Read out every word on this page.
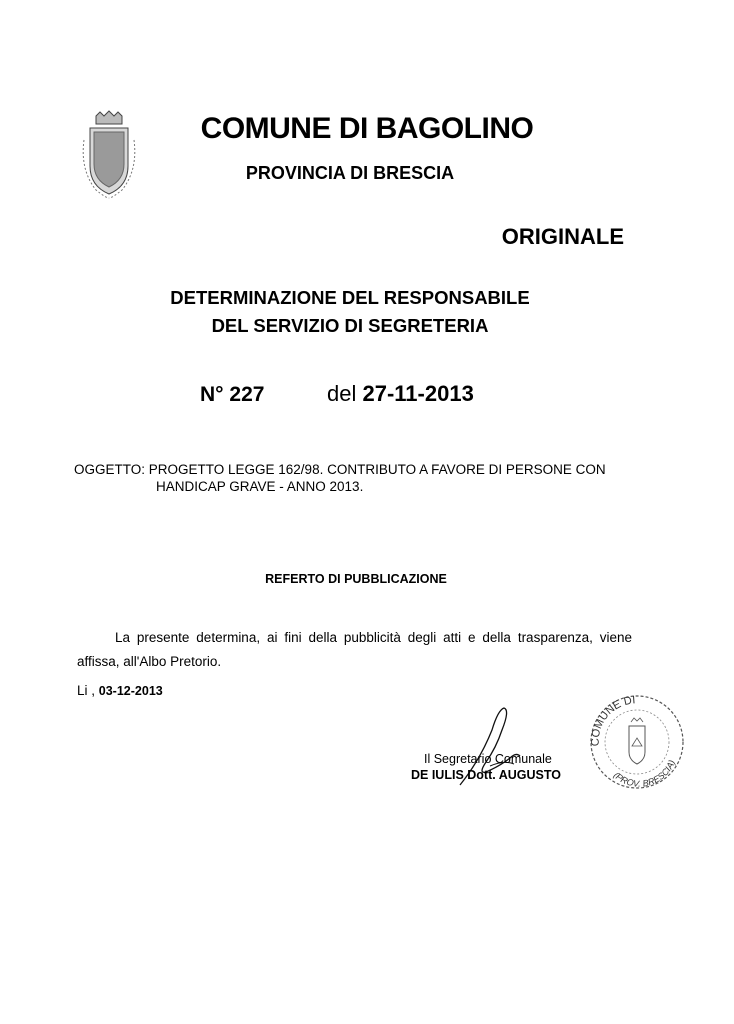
COMUNE DI BAGOLINO
PROVINCIA DI BRESCIA
ORIGINALE
DETERMINAZIONE DEL RESPONSABILE
DEL SERVIZIO DI SEGRETERIA
N° 227	del 27-11-2013
OGGETTO: PROGETTO LEGGE 162/98. CONTRIBUTO A FAVORE DI PERSONE CON
HANDICAP GRAVE - ANNO 2013.
REFERTO DI PUBBLICAZIONE
La presente determina, ai fini della pubblicità degli atti e della trasparenza, viene affissa, all'Albo Pretorio.
Li , 03-12-2013
Il Segretario Comunale
DE IULIS Dott. AUGUSTO
COMUNE DI
(PROV. BRESCIA)
